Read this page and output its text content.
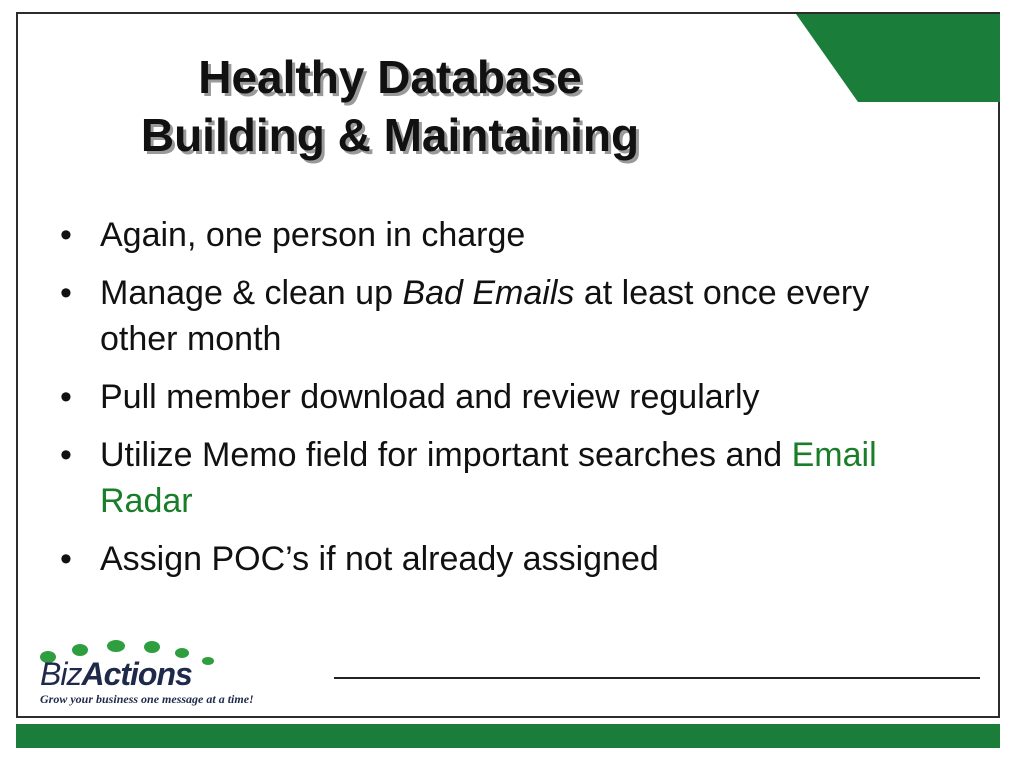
Healthy Database
Building & Maintaining
• Again, one person in charge
• Manage & clean up Bad Emails at least once every other month
• Pull member download and review regularly
• Utilize Memo field for important searches and Email Radar
• Assign POC’s if not already assigned
BizActions
Grow your business one message at a time!
